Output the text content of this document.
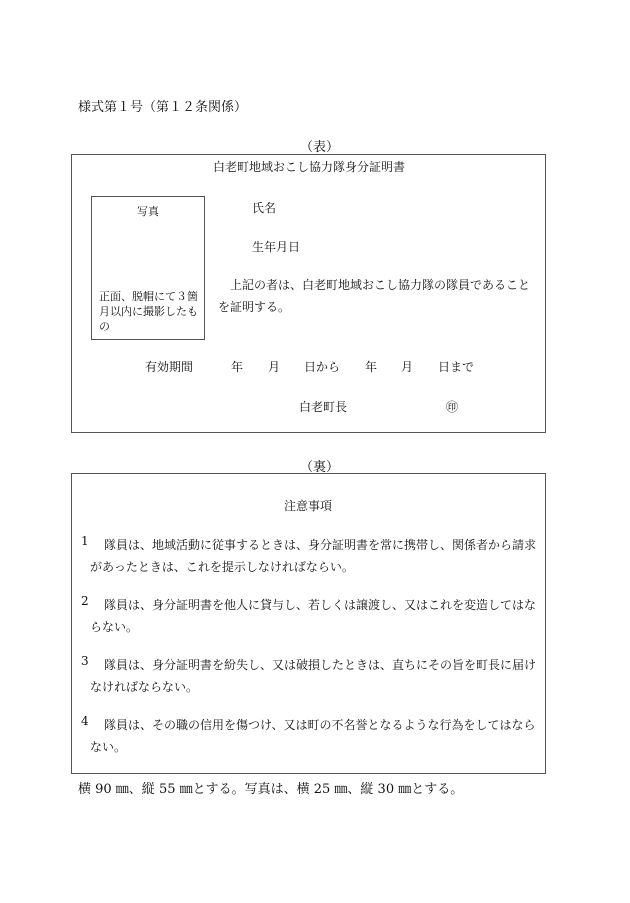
様式第１号（第１２条関係）
（表）
白老町地域おこし協力隊身分証明書
写真
正面、脱帽にて３箇月以内に撮影したもの
氏名
生年月日
　上記の者は、白老町地域おこし協力隊の隊員であることを証明する。
有効期間	年 月 日から 年 月 日まで
白老町長	㊞
（裏）
注意事項
1	隊員は、地域活動に従事するときは、身分証明書を常に携帯し、関係者から請求があったときは、これを提示しなければならい。
2	隊員は、身分証明書を他人に貸与し、若しくは譲渡し、又はこれを変造してはならない。
3	隊員は、身分証明書を紛失し、又は破損したときは、直ちにその旨を町長に届けなければならない。
4	隊員は、その職の信用を傷つけ、又は町の不名誉となるような行為をしてはならない。
横 90 ㎜、縦 55 ㎜とする。写真は、横 25 ㎜、縦 30 ㎜とする。
